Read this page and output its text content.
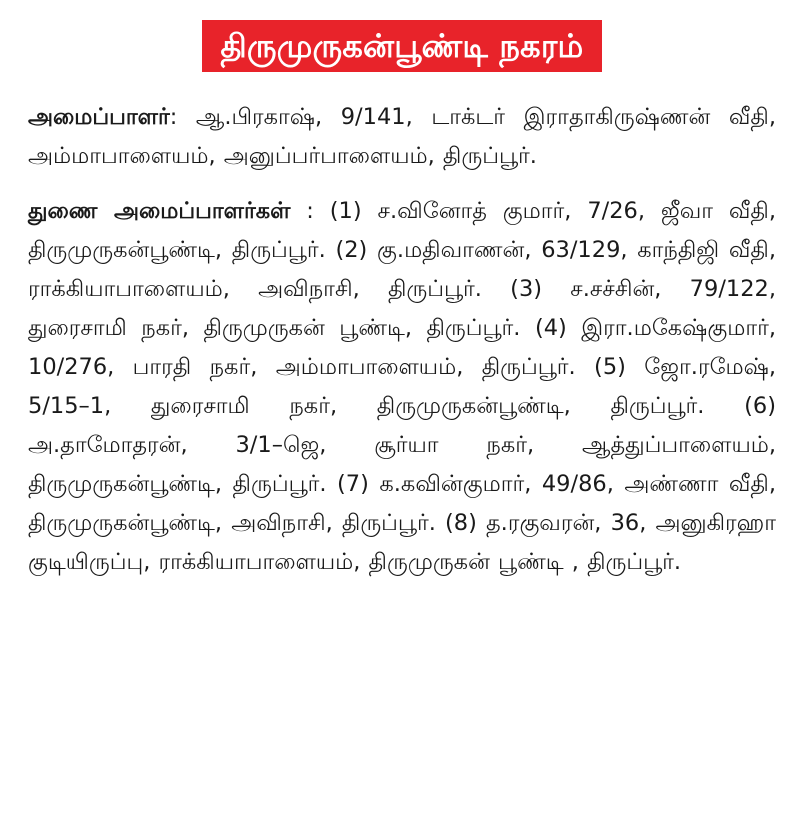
திருமுருகன்பூண்டி நகரம்

அமைப்பாளர்: ஆ.பிரகாஷ், 9/141, டாக்டர் இராதாகிருஷ்ணன் வீதி, அம்மாபாளையம், அனுப்பர்பாளையம், திருப்பூர்.

துணை அமைப்பாளர்கள் : (1) ச.வினோத் குமார், 7/26, ஜீவா வீதி, திருமுருகன்பூண்டி, திருப்பூர். (2) கு.மதிவாணன், 63/129, காந்திஜி வீதி, ராக்கியாபாளையம், அவிநாசி, திருப்பூர். (3) ச.சச்சின், 79/122, துரைசாமி நகர், திருமுருகன் பூண்டி, திருப்பூர். (4) இரா.மகேஷ்குமார், 10/276, பாரதி நகர், அம்மாபாளையம், திருப்பூர். (5) ஜோ.ரமேஷ், 5/15–1, துரைசாமி நகர், திருமுருகன்பூண்டி, திருப்பூர். (6) அ.தாமோதரன், 3/1–ஜெ, சூர்யா நகர், ஆத்துப்பாளையம், திருமுருகன்பூண்டி, திருப்பூர். (7) க.கவின்குமார், 49/86, அண்ணா வீதி, திருமுருகன்பூண்டி, அவிநாசி, திருப்பூர். (8) த.ரகுவரன், 36, அனுகிரஹா குடியிருப்பு, ராக்கியாபாளையம், திருமுருகன் பூண்டி , திருப்பூர்.
